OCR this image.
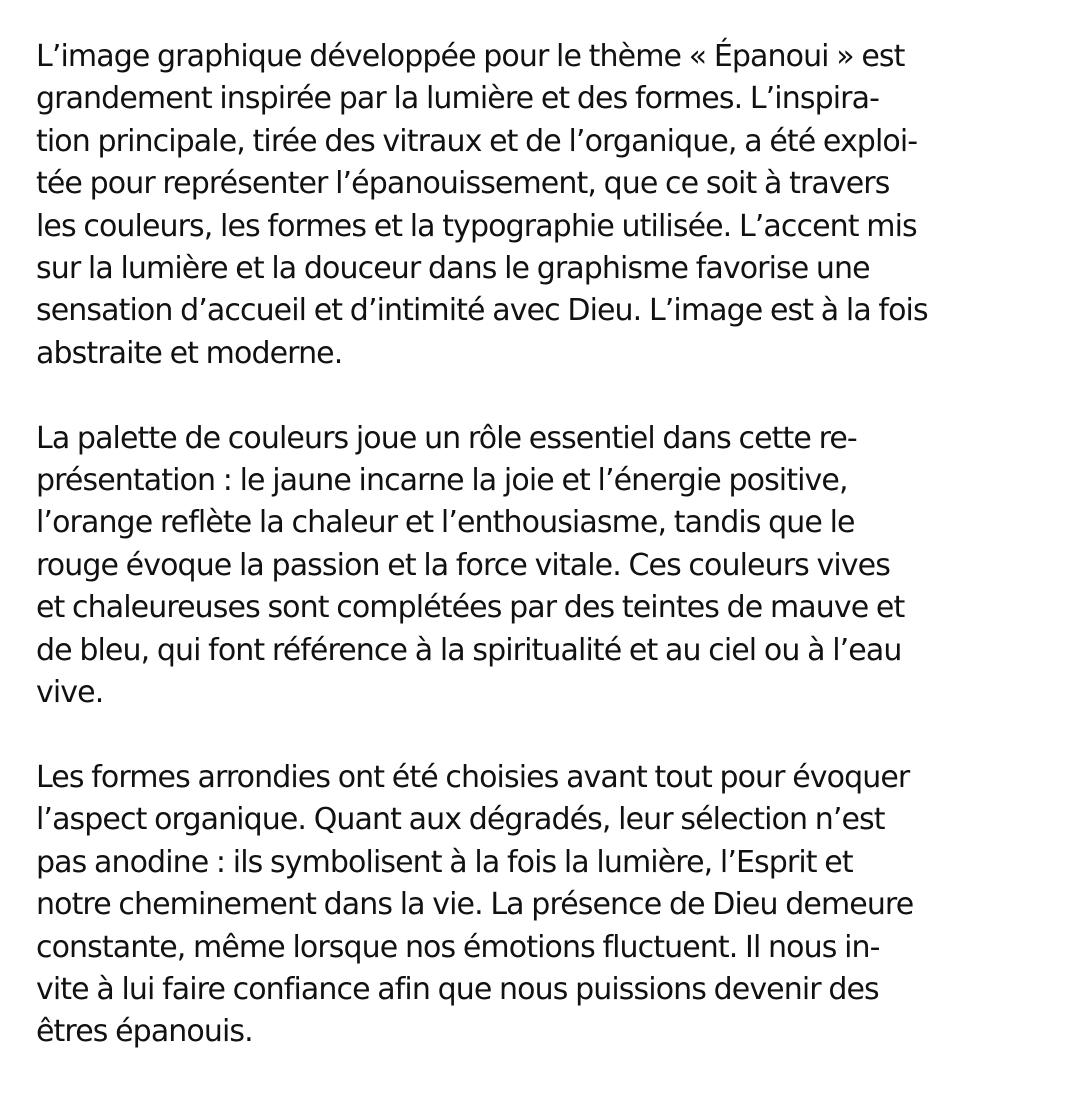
L’image graphique développée pour le thème « Épanoui » est
grandement inspirée par la lumière et des formes. L’inspira-
tion principale, tirée des vitraux et de l’organique, a été exploi-
tée pour représenter l’épanouissement, que ce soit à travers
les couleurs, les formes et la typographie utilisée. L’accent mis
sur la lumière et la douceur dans le graphisme favorise une
sensation d’accueil et d’intimité avec Dieu. L’image est à la fois
abstraite et moderne.

La palette de couleurs joue un rôle essentiel dans cette re-
présentation : le jaune incarne la joie et l’énergie positive,
l’orange reflète la chaleur et l’enthousiasme, tandis que le
rouge évoque la passion et la force vitale. Ces couleurs vives
et chaleureuses sont complétées par des teintes de mauve et
de bleu, qui font référence à la spiritualité et au ciel ou à l’eau
vive.

Les formes arrondies ont été choisies avant tout pour évoquer
l’aspect organique. Quant aux dégradés, leur sélection n’est
pas anodine : ils symbolisent à la fois la lumière, l’Esprit et
notre cheminement dans la vie. La présence de Dieu demeure
constante, même lorsque nos émotions fluctuent. Il nous in-
vite à lui faire confiance afin que nous puissions devenir des
êtres épanouis.
